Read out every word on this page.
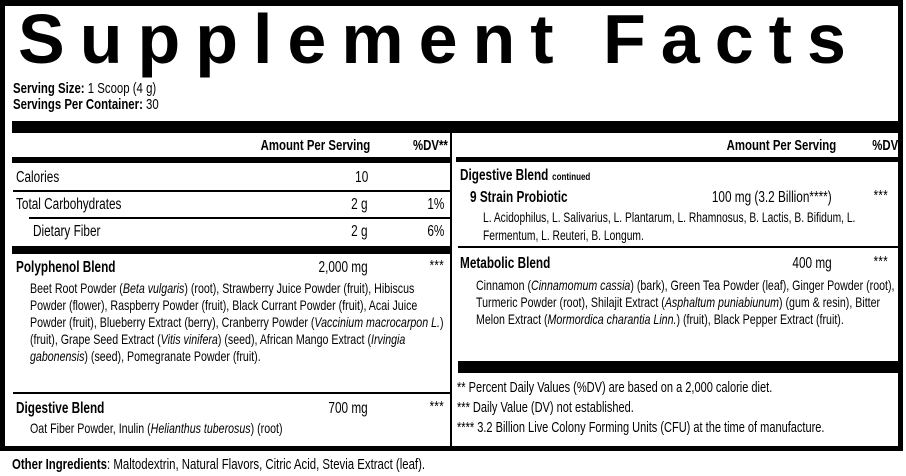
Supplement Facts
Serving Size: 1 Scoop (4 g)
Servings Per Container: 30
Amount Per Serving	%DV**
Calories	10
Total Carbohydrates	2 g	1%
Dietary Fiber	2 g	6%
Polyphenol Blend	2,000 mg	***
Beet Root Powder (Beta vulgaris) (root), Strawberry Juice Powder (fruit), Hibiscus Powder (flower), Raspberry Powder (fruit), Black Currant Powder (fruit), Acai Juice Powder (fruit), Blueberry Extract (berry), Cranberry Powder (Vaccinium macrocarpon L.) (fruit), Grape Seed Extract (Vitis vinifera) (seed), African Mango Extract (Irvingia gabonensis) (seed), Pomegranate Powder (fruit).
Digestive Blend	700 mg	***
Oat Fiber Powder, Inulin (Helianthus tuberosus) (root)
Amount Per Serving	%DV
Digestive Blend continued
9 Strain Probiotic	100 mg (3.2 Billion****)	***
L. Acidophilus, L. Salivarius, L. Plantarum, L. Rhamnosus, B. Lactis, B. Bifidum, L. Fermentum, L. Reuteri, B. Longum.
Metabolic Blend	400 mg	***
Cinnamon (Cinnamomum cassia) (bark), Green Tea Powder (leaf), Ginger Powder (root), Turmeric Powder (root), Shilajit Extract (Asphaltum puniabiunum) (gum & resin), Bitter Melon Extract (Mormordica charantia Linn.) (fruit), Black Pepper Extract (fruit).
** Percent Daily Values (%DV) are based on a 2,000 calorie diet.
*** Daily Value (DV) not established.
**** 3.2 Billion Live Colony Forming Units (CFU) at the time of manufacture.
Other Ingredients: Maltodextrin, Natural Flavors, Citric Acid, Stevia Extract (leaf).
